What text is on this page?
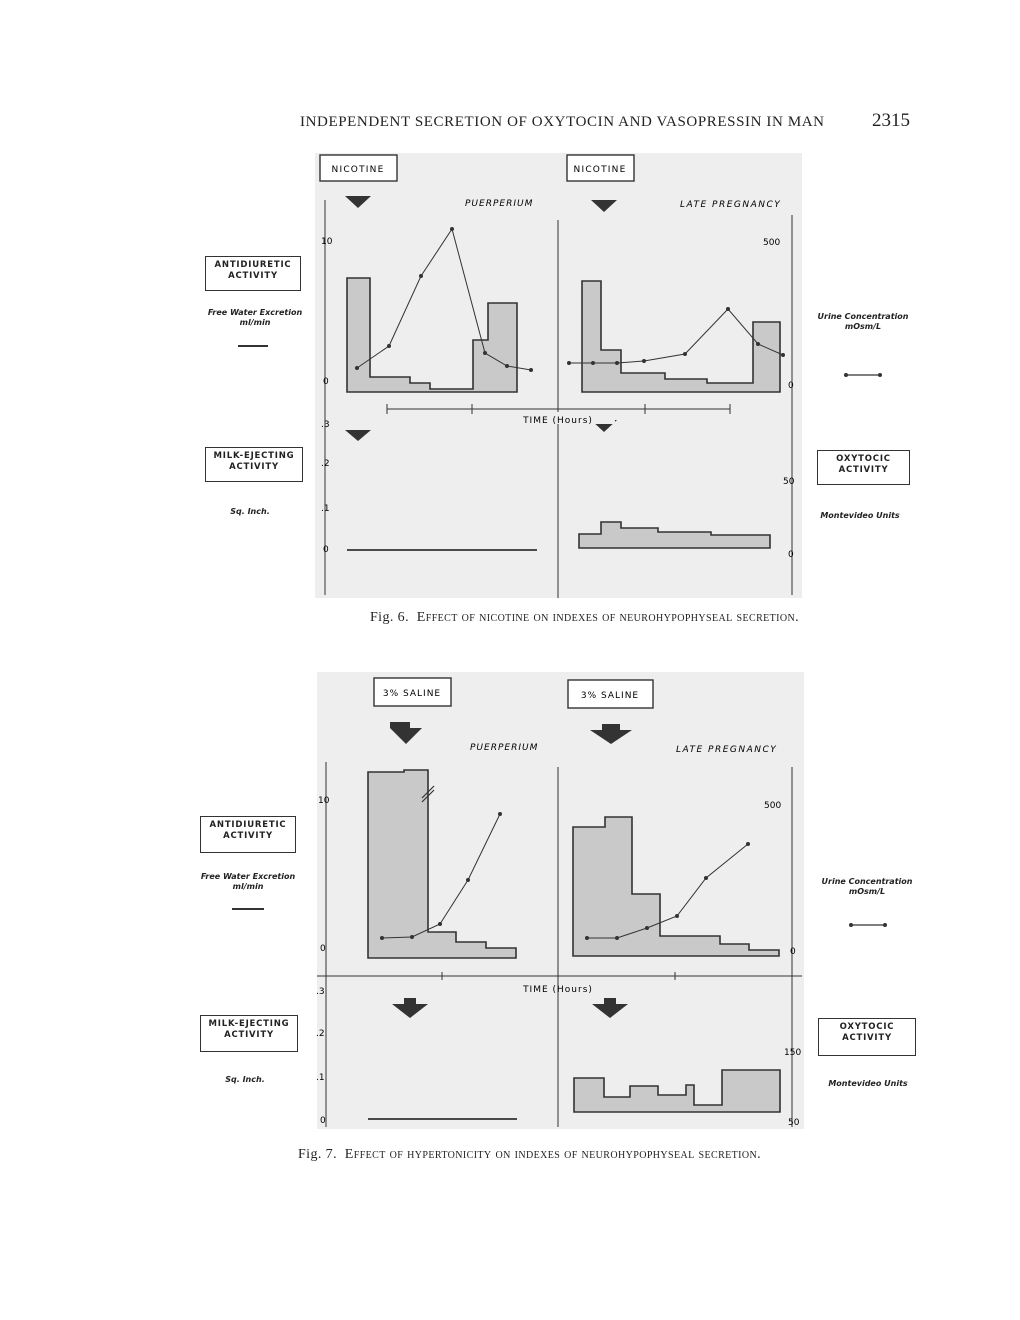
INDEPENDENT SECRETION OF OXYTOCIN AND VASOPRESSIN IN MAN 2315
ANTIDIURETIC
ACTIVITY
Free Water Excretion
ml/min
MILK-EJECTING
ACTIVITY
Sq. Inch.
Urine Concentration
mOsm/L
OXYTOCIC
ACTIVITY
Montevideo Units
NICOTINE	NICOTINE
PUERPERIUM	LATE PREGNANCY
10
0
500
0
.3
.2
.1
0
50
0
TIME (Hours)
Fig. 6. Effect of nicotine on indexes of neurohypophyseal secretion.
ANTIDIURETIC
ACTIVITY
Free Water Excretion
ml/min
MILK-EJECTING
ACTIVITY
Sq. Inch.
Urine Concentration
mOsm/L
OXYTOCIC
ACTIVITY
Montevideo Units
3% SALINE	3% SALINE
PUERPERIUM	LATE PREGNANCY
10
0
500
0
.3
.2
.1
0
150
50
TIME (Hours)
Fig. 7. Effect of hypertonicity on indexes of neurohypophyseal secretion.
